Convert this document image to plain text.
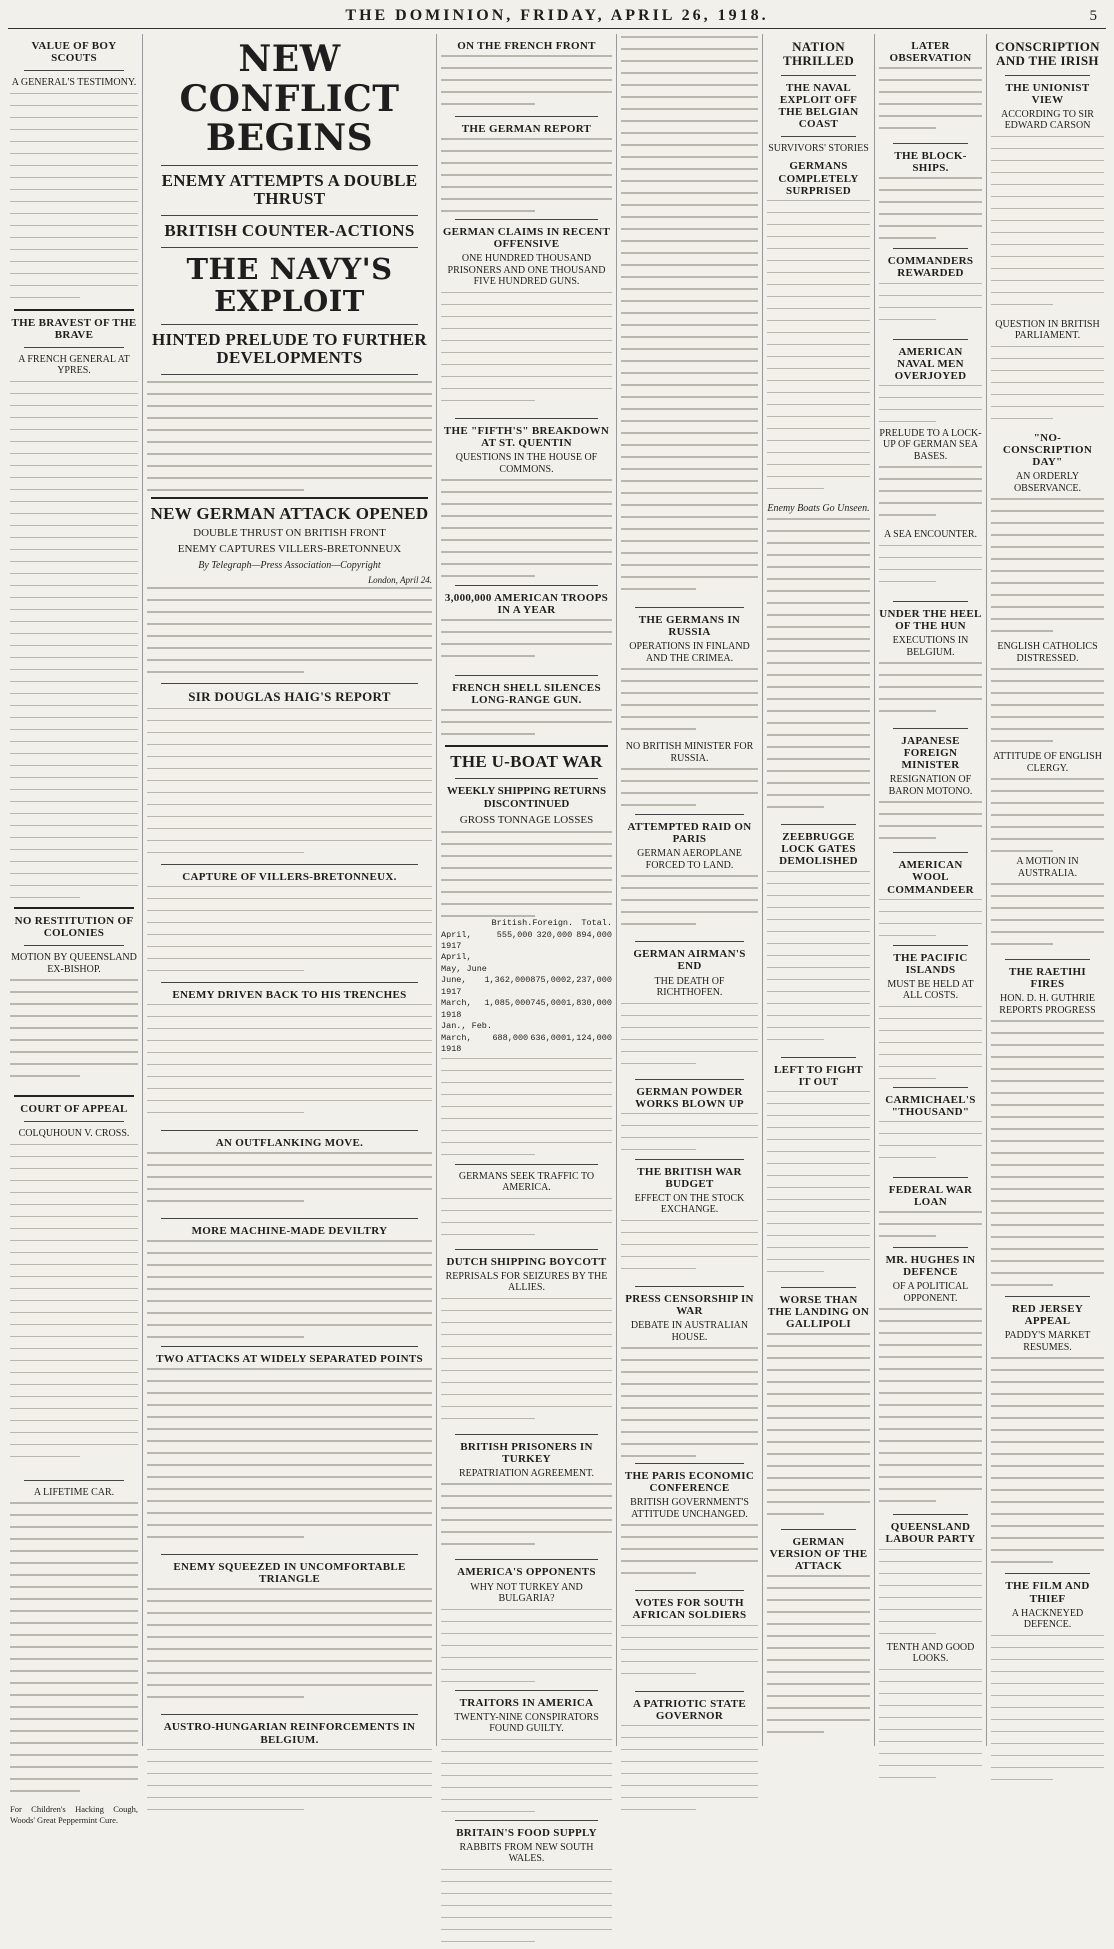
THE DOMINION, FRIDAY, APRIL 26, 1918.	5
VALUE OF BOY SCOUTS
A GENERAL'S TESTIMONY.
THE BRAVEST OF THE BRAVE
A FRENCH GENERAL AT YPRES.
NO RESTITUTION OF COLONIES
MOTION BY QUEENSLAND EX-BISHOP.
COURT OF APPEAL
COLQUHOUN V. CROSS.
A LIFETIME CAR.
For Children's Hacking Cough, Woods' Great Peppermint Cure.
NEW CONFLICT BEGINS
ENEMY ATTEMPTS A DOUBLE THRUST
BRITISH COUNTER-ACTIONS
THE NAVY'S EXPLOIT
HINTED PRELUDE TO FURTHER DEVELOPMENTS
NEW GERMAN ATTACK OPENED
DOUBLE THRUST ON BRITISH FRONT
ENEMY CAPTURES VILLERS-BRETONNEUX
By Telegraph—Press Association—Copyright
London, April 24.
SIR DOUGLAS HAIG'S REPORT
CAPTURE OF VILLERS-BRETONNEUX.
ENEMY DRIVEN BACK TO HIS TRENCHES
AN OUTFLANKING MOVE.
MORE MACHINE-MADE DEVILTRY
TWO ATTACKS AT WIDELY SEPARATED POINTS
ENEMY SQUEEZED IN UNCOMFORTABLE TRIANGLE
AUSTRO-HUNGARIAN REINFORCEMENTS IN BELGIUM.
ON THE FRENCH FRONT
THE GERMAN REPORT
GERMAN CLAIMS IN RECENT OFFENSIVE
ONE HUNDRED THOUSAND PRISONERS AND ONE THOUSAND FIVE HUNDRED GUNS.
THE "FIFTH'S" BREAKDOWN AT ST. QUENTIN
QUESTIONS IN THE HOUSE OF COMMONS.
3,000,000 AMERICAN TROOPS IN A YEAR
FRENCH SHELL SILENCES LONG-RANGE GUN.
THE U-BOAT WAR
WEEKLY SHIPPING RETURNS DISCONTINUED
GROSS TONNAGE LOSSES
British. Foreign. Total.
April, 1917
555,000 320,000 894,000
April, May, June
June, 1917
1,362,000 875,000 2,237,000
March, 1918
1,085,000 745,000 1,830,000
Jan., Feb.
March, 1918
688,000 636,000 1,124,000
GERMANS SEEK TRAFFIC TO AMERICA.
DUTCH SHIPPING BOYCOTT
REPRISALS FOR SEIZURES BY THE ALLIES.
BRITISH PRISONERS IN TURKEY
REPATRIATION AGREEMENT.
AMERICA'S OPPONENTS
WHY NOT TURKEY AND BULGARIA?
TRAITORS IN AMERICA
TWENTY-NINE CONSPIRATORS FOUND GUILTY.
BRITAIN'S FOOD SUPPLY
RABBITS FROM NEW SOUTH WALES.
THE GERMANS IN RUSSIA
OPERATIONS IN FINLAND AND THE CRIMEA.
NO BRITISH MINISTER FOR RUSSIA.
ATTEMPTED RAID ON PARIS
GERMAN AEROPLANE FORCED TO LAND.
GERMAN AIRMAN'S END
THE DEATH OF RICHTHOFEN.
GERMAN POWDER WORKS BLOWN UP
THE BRITISH WAR BUDGET
EFFECT ON THE STOCK EXCHANGE.
PRESS CENSORSHIP IN WAR
DEBATE IN AUSTRALIAN HOUSE.
THE PARIS ECONOMIC CONFERENCE
BRITISH GOVERNMENT'S ATTITUDE UNCHANGED.
VOTES FOR SOUTH AFRICAN SOLDIERS
A PATRIOTIC STATE GOVERNOR
NATION THRILLED
THE NAVAL EXPLOIT OFF THE BELGIAN COAST
SURVIVORS' STORIES
GERMANS COMPLETELY SURPRISED
Enemy Boats Go Unseen.
ZEEBRUGGE LOCK GATES DEMOLISHED
LEFT TO FIGHT IT OUT
WORSE THAN THE LANDING ON GALLIPOLI
GERMAN VERSION OF THE ATTACK
LATER OBSERVATION
THE BLOCK-SHIPS.
COMMANDERS REWARDED
AMERICAN NAVAL MEN OVERJOYED
PRELUDE TO A LOCK-UP OF GERMAN SEA BASES.
A SEA ENCOUNTER.
UNDER THE HEEL OF THE HUN
EXECUTIONS IN BELGIUM.
JAPANESE FOREIGN MINISTER
RESIGNATION OF BARON MOTONO.
AMERICAN WOOL COMMANDEER
THE PACIFIC ISLANDS
MUST BE HELD AT ALL COSTS.
CARMICHAEL'S "THOUSAND"
FEDERAL WAR LOAN
MR. HUGHES IN DEFENCE
OF A POLITICAL OPPONENT.
QUEENSLAND LABOUR PARTY
TENTH AND GOOD LOOKS.
CONSCRIPTION AND THE IRISH
THE UNIONIST VIEW
ACCORDING TO SIR EDWARD CARSON
QUESTION IN BRITISH PARLIAMENT.
"NO-CONSCRIPTION DAY"
AN ORDERLY OBSERVANCE.
ENGLISH CATHOLICS DISTRESSED.
ATTITUDE OF ENGLISH CLERGY.
A MOTION IN AUSTRALIA.
THE RAETIHI FIRES
HON. D. H. GUTHRIE REPORTS PROGRESS
RED JERSEY APPEAL
PADDY'S MARKET RESUMES.
THE FILM AND THIEF
A HACKNEYED DEFENCE.
